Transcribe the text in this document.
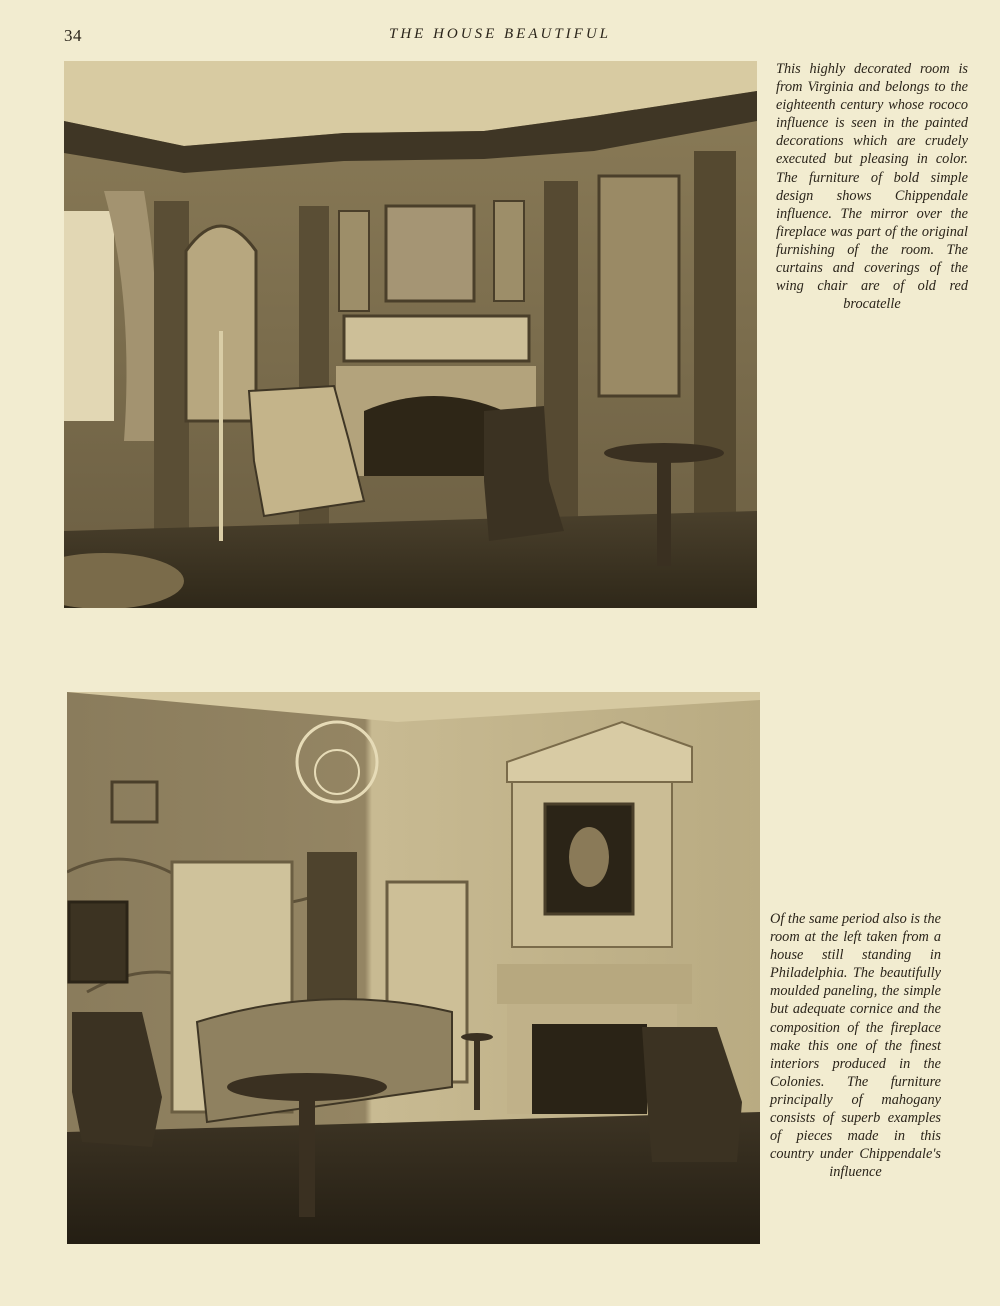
34	THE HOUSE BEAUTIFUL
This highly decorated room is from Virginia and belongs to the eighteenth century whose rococo influence is seen in the painted decorations which are crudely executed but pleasing in color. The furniture of bold simple design shows Chippendale influence. The mirror over the fireplace was part of the original furnishing of the room. The curtains and coverings of the wing chair are of old red brocatelle
Of the same period also is the room at the left taken from a house still standing in Philadelphia. The beautifully moulded paneling, the simple but adequate cornice and the composition of the fireplace make this one of the finest interiors produced in the Colonies. The furniture principally of mahogany consists of superb examples of pieces made in this country under Chippendale's influence
